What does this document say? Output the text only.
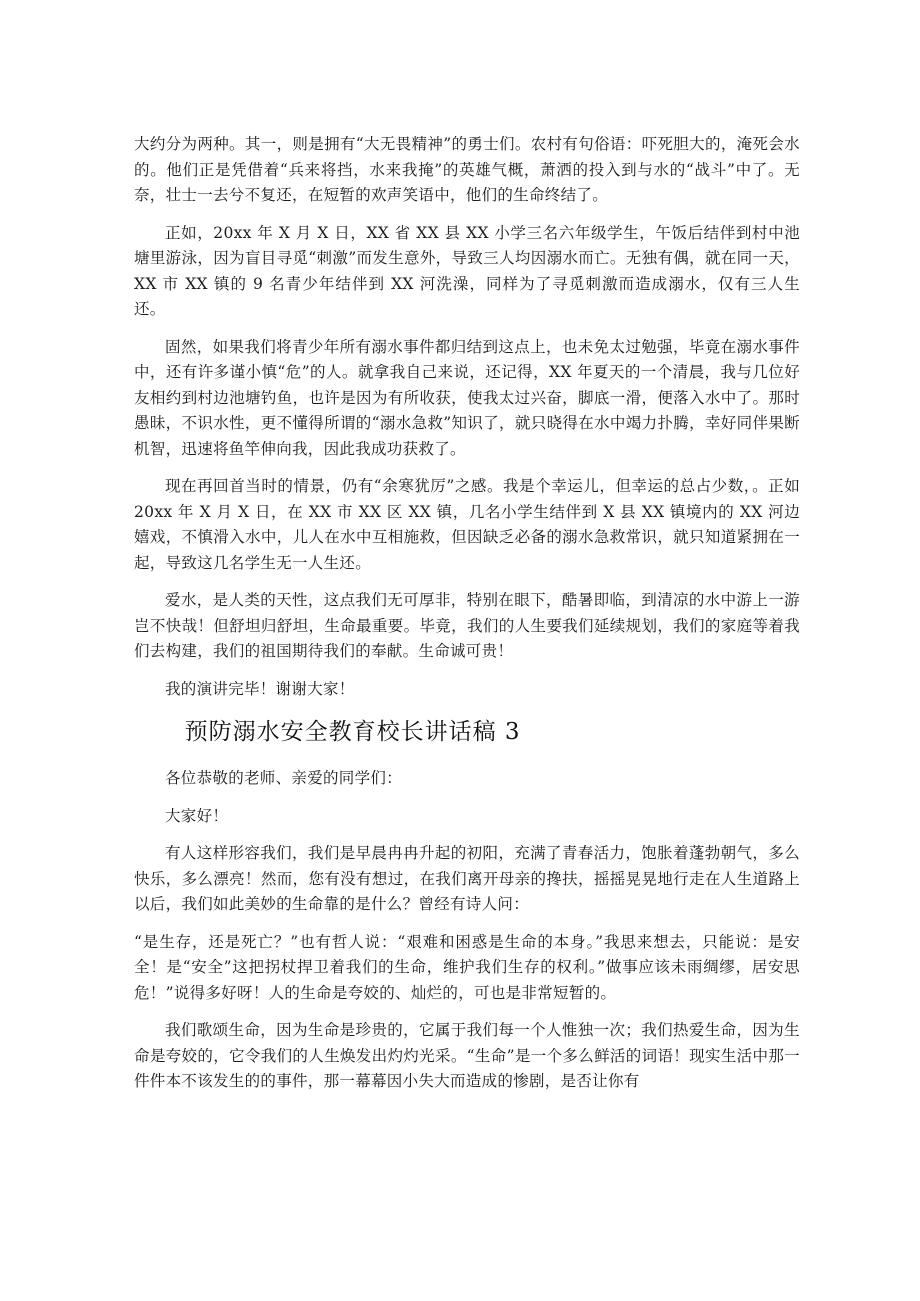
大约分为两种。其一，则是拥有“大无畏精神”的勇士们。农村有句俗语：吓死胆大的，淹死会水的。他们正是凭借着“兵来将挡，水来我掩”的英雄气概，萧洒的投入到与水的“战斗”中了。无奈，壮士一去兮不复还，在短暂的欢声笑语中，他们的生命终结了。

正如，20xx 年 X 月 X 日，XX 省 XX 县 XX 小学三名六年级学生，午饭后结伴到村中池塘里游泳，因为盲目寻觅“刺激”而发生意外，导致三人均因溺水而亡。无独有偶，就在同一天，XX 市 XX 镇的 9 名青少年结伴到 XX 河洗澡，同样为了寻觅刺激而造成溺水，仅有三人生还。

固然，如果我们将青少年所有溺水事件都归结到这点上，也未免太过勉强，毕竟在溺水事件中，还有许多谨小慎“危”的人。就拿我自己来说，还记得，XX 年夏天的一个清晨，我与几位好友相约到村边池塘钓鱼，也许是因为有所收获，使我太过兴奋，脚底一滑，便落入水中了。那时愚昧，不识水性，更不懂得所谓的“溺水急救”知识了，就只晓得在水中竭力扑腾，幸好同伴果断机智，迅速将鱼竿伸向我，因此我成功获救了。

现在再回首当时的情景，仍有“余寒犹厉”之感。我是个幸运儿，但幸运的总占少数，。正如 20xx 年 X 月 X 日，在 XX 市 XX 区 XX 镇，几名小学生结伴到 X 县 XX 镇境内的 XX 河边嬉戏，不慎滑入水中，儿人在水中互相施救，但因缺乏必备的溺水急救常识，就只知道紧拥在一起，导致这几名学生无一人生还。

爱水，是人类的天性，这点我们无可厚非，特别在眼下，酷暑即临，到清凉的水中游上一游岂不快哉！但舒坦归舒坦，生命最重要。毕竟，我们的人生要我们延续规划，我们的家庭等着我们去构建，我们的祖国期待我们的奉献。生命诚可贵！

我的演讲完毕！谢谢大家！

预防溺水安全教育校长讲话稿 3

各位恭敬的老师、亲爱的同学们：

大家好！

有人这样形容我们，我们是早晨冉冉升起的初阳，充满了青春活力，饱胀着蓬勃朝气，多么快乐，多么漂亮！然而，您有没有想过，在我们离开母亲的搀扶，摇摇晃晃地行走在人生道路上以后，我们如此美妙的生命靠的是什么？曾经有诗人问：

“是生存，还是死亡？”也有哲人说：“艰难和困惑是生命的本身。”我思来想去，只能说：是安全！是“安全”这把拐杖捍卫着我们的生命，维护我们生存的权利。”做事应该未雨绸缪，居安思危！”说得多好呀！人的生命是夸姣的、灿烂的，可也是非常短暂的。

我们歌颂生命，因为生命是珍贵的，它属于我们每一个人惟独一次；我们热爱生命，因为生命是夸姣的，它令我们的人生焕发出灼灼光采。“生命”是一个多么鲜活的词语！现实生活中那一件件本不该发生的的事件，那一幕幕因小失大而造成的惨剧，是否让你有
